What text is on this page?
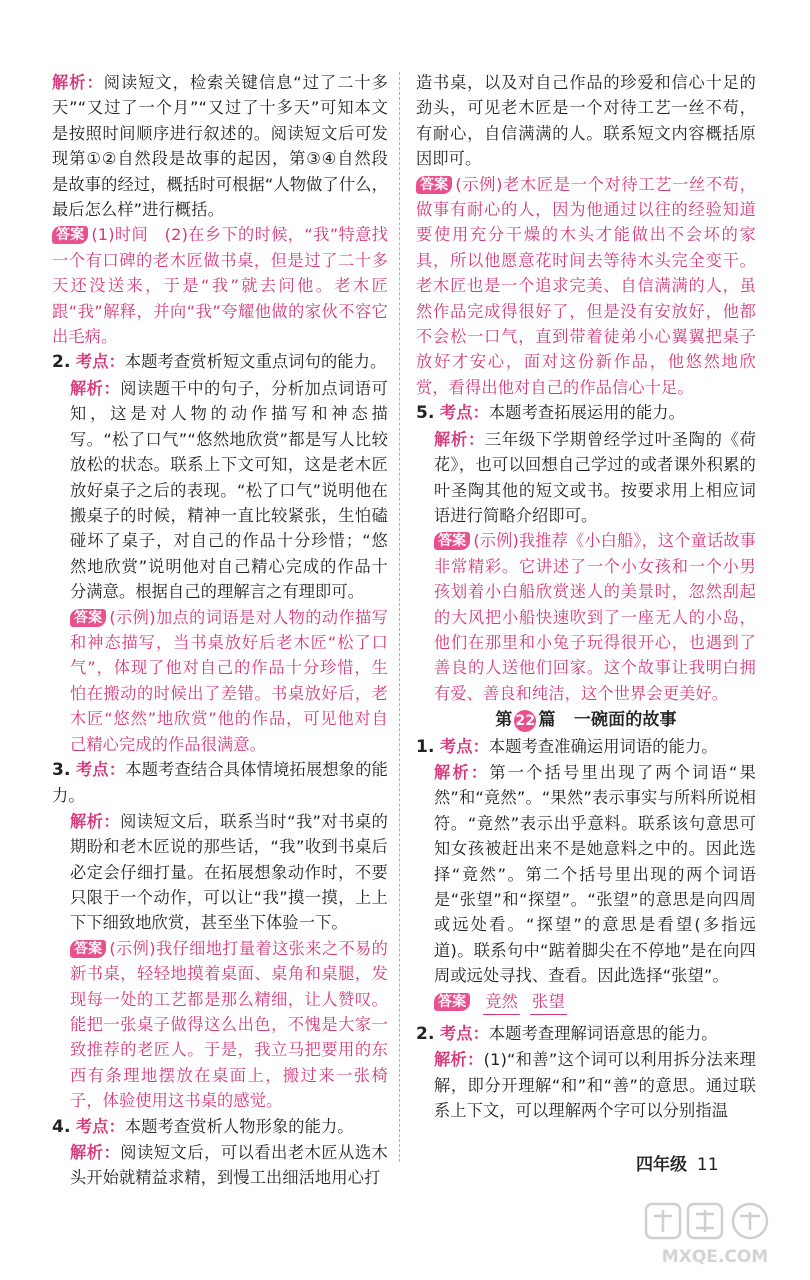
解析：阅读短文，检索关键信息“过了二十多天”“又过了一个月”“又过了十多天”可知本文是按照时间顺序进行叙述的。阅读短文后可发现第①②自然段是故事的起因，第③④自然段是故事的经过，概括时可根据“人物做了什么，最后怎么样”进行概括。

答案 (1)时间　(2)在乡下的时候，“我”特意找一个有口碑的老木匠做书桌，但是过了二十多天还没送来，于是“我”就去问他。老木匠跟“我”解释，并向“我”夸耀他做的家伙不容它出毛病。

2. 考点：本题考查赏析短文重点词句的能力。

解析：阅读题干中的句子，分析加点词语可知，这是对人物的动作描写和神态描写。“松了口气”“悠然地欣赏”都是写人比较放松的状态。联系上下文可知，这是老木匠放好桌子之后的表现。“松了口气”说明他在搬桌子的时候，精神一直比较紧张，生怕磕碰坏了桌子，对自己的作品十分珍惜；“悠然地欣赏”说明他对自己精心完成的作品十分满意。根据自己的理解言之有理即可。

答案 (示例)加点的词语是对人物的动作描写和神态描写，当书桌放好后老木匠“松了口气”，体现了他对自己的作品十分珍惜，生怕在搬动的时候出了差错。书桌放好后，老木匠“悠然”地欣赏”他的作品，可见他对自己精心完成的作品很满意。

3. 考点：本题考查结合具体情境拓展想象的能力。

解析：阅读短文后，联系当时“我”对书桌的期盼和老木匠说的那些话，“我”收到书桌后必定会仔细打量。在拓展想象动作时，不要只限于一个动作，可以让“我”摸一摸，上上下下细致地欣赏，甚至坐下体验一下。

答案 (示例)我仔细地打量着这张来之不易的新书桌，轻轻地摸着桌面、桌角和桌腿，发现每一处的工艺都是那么精细，让人赞叹。能把一张桌子做得这么出色，不愧是大家一致推荐的老匠人。于是，我立马把要用的东西有条理地摆放在桌面上，搬过来一张椅子，体验使用这书桌的感觉。

4. 考点：本题考查赏析人物形象的能力。

解析：阅读短文后，可以看出老木匠从选木头开始就精益求精，到慢工出细活地用心打

造书桌，以及对自己作品的珍爱和信心十足的劲头，可见老木匠是一个对待工艺一丝不苟，有耐心，自信满满的人。联系短文内容概括原因即可。

答案 (示例)老木匠是一个对待工艺一丝不苟，做事有耐心的人，因为他通过以往的经验知道要使用充分干燥的木头才能做出不会坏的家具，所以他愿意花时间去等待木头完全变干。老木匠也是一个追求完美、自信满满的人，虽然作品完成得很好了，但是没有安放好，他都不会松一口气，直到带着徒弟小心翼翼把桌子放好才安心，面对这份新作品，他悠然地欣赏，看得出他对自己的作品信心十足。

5. 考点：本题考查拓展运用的能力。

解析：三年级下学期曾经学过叶圣陶的《荷花》，也可以回想自己学过的或者课外积累的叶圣陶其他的短文或书。按要求用上相应词语进行简略介绍即可。

答案 (示例)我推荐《小白船》，这个童话故事非常精彩。它讲述了一个小女孩和一个小男孩划着小白船欣赏迷人的美景时，忽然刮起的大风把小船快速吹到了一座无人的小岛，他们在那里和小兔子玩得很开心，也遇到了善良的人送他们回家。这个故事让我明白拥有爱、善良和纯洁，这个世界会更美好。

第 22 篇 一碗面的故事

1. 考点：本题考查准确运用词语的能力。

解析：第一个括号里出现了两个词语“果然”和“竟然”。“果然”表示事实与所料所说相符。“竟然”表示出乎意料。联系该句意思可知女孩被赶出来不是她意料之中的。因此选择“竟然”。第二个括号里出现的两个词语是“张望”和“探望”。“张望”的意思是向四周或远处看。“探望”的意思是看望(多指远道)。联系句中“踮着脚尖在不停地”是在向四周或远处寻找、查看。因此选择“张望”。

答案 竟然 张望

2. 考点：本题考查理解词语意思的能力。

解析：(1)“和善”这个词可以利用拆分法来理解，即分开理解“和”和“善”的意思。通过联系上下文，可以理解两个字可以分别指温

四年级 11
MXQE.COM
